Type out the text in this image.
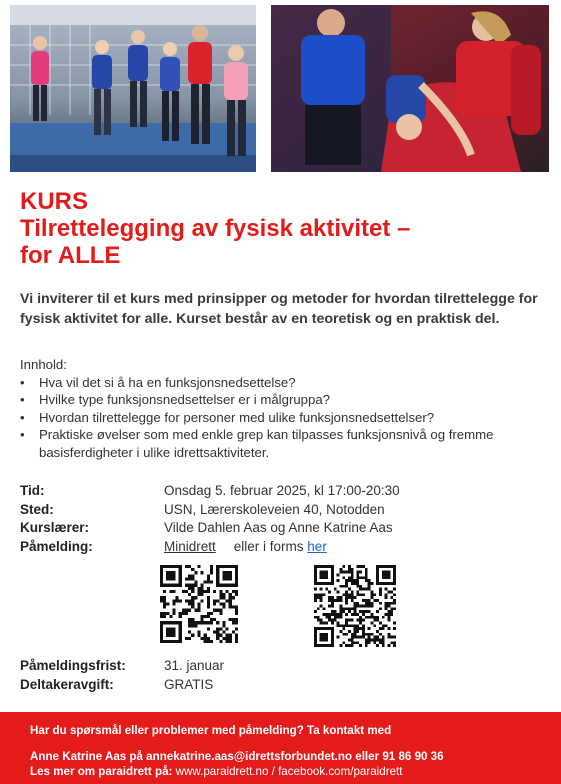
KURS
Tilrettelegging av fysisk aktivitet –
for ALLE
Vi inviterer til et kurs med prinsipper og metoder for hvordan tilrettelegge for fysisk aktivitet for alle. Kurset består av en teoretisk og en praktisk del.
Innhold:
• Hva vil det si å ha en funksjonsnedsettelse?
• Hvilke type funksjonsnedsettelser er i målgruppa?
• Hvordan tilrettelegge for personer med ulike funksjonsnedsettelser?
• Praktiske øvelser som med enkle grep kan tilpasses funksjonsnivå og fremme basisferdigheter i ulike idrettsaktiviteter.
Tid:	Onsdag 5. februar 2025, kl 17:00-20:30
Sted:	USN, Lærerskoleveien 40, Notodden
Kurslærer:	Vilde Dahlen Aas og Anne Katrine Aas
Påmelding:	Minidrett eller i forms her
Påmeldingsfrist:	31. januar
Deltakeravgift:	GRATIS
Har du spørsmål eller problemer med påmelding? Ta kontakt med
Anne Katrine Aas på annekatrine.aas@idrettsforbundet.no eller 91 86 90 36
Les mer om paraidrett på: www.paraidrett.no / facebook.com/paraidrett
